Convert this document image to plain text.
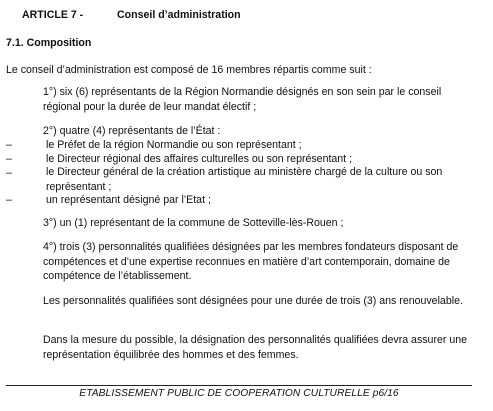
ARTICLE 7 -	Conseil d’administration
7.1. Composition
Le conseil d’administration est composé de 16 membres répartis comme suit :

1°) six (6) représentants de la Région Normandie désignés en son sein par le conseil régional pour la durée de leur mandat électif ;

2°) quatre (4) représentants de l’État :

–	le Préfet de la région Normandie ou son représentant ;
–	le Directeur régional des affaires culturelles ou son représentant ;
–	le Directeur général de la création artistique au ministère chargé de la culture ou son représentant ;
–	un représentant désigné par l’Etat ;

3°) un (1) représentant de la commune de Sotteville-lès-Rouen ;

4°) trois (3) personnalités qualifiées désignées par les membres fondateurs disposant de compétences et d’une expertise reconnues en matière d’art contemporain, domaine de compétence de l’établissement.

Les personnalités qualifiées sont désignées pour une durée de trois (3) ans renouvelable.

Dans la mesure du possible, la désignation des personnalités qualifiées devra assurer une représentation équilibrée des hommes et des femmes.

ETABLISSEMENT PUBLIC DE COOPERATION CULTURELLE p6/16
